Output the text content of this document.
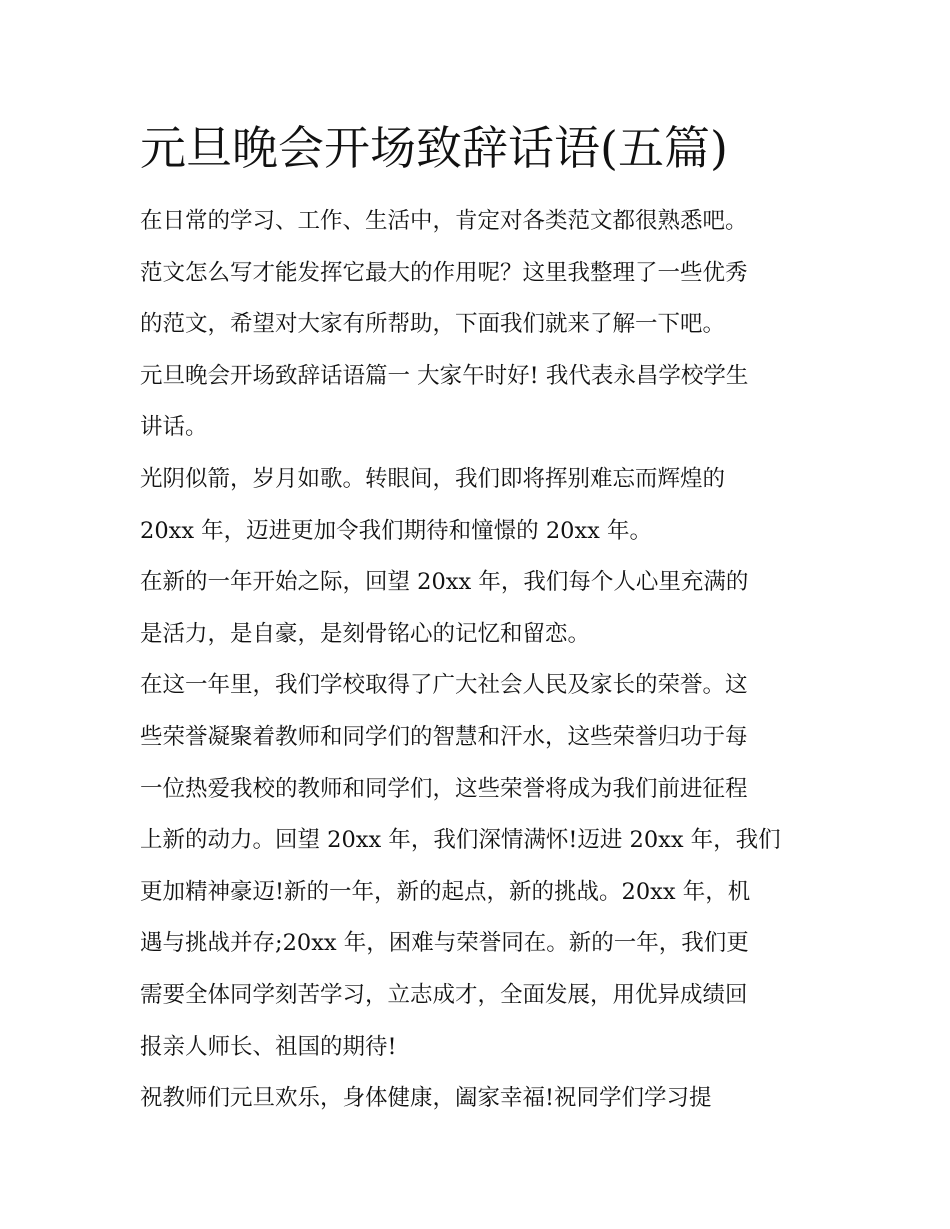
元旦晚会开场致辞话语(五篇)

在日常的学习、工作、生活中，肯定对各类范文都很熟悉吧。

范文怎么写才能发挥它最大的作用呢？这里我整理了一些优秀

的范文，希望对大家有所帮助，下面我们就来了解一下吧。

元旦晚会开场致辞话语篇一 大家午时好! 我代表永昌学校学生

讲话。

光阴似箭，岁月如歌。转眼间，我们即将挥别难忘而辉煌的

20xx 年，迈进更加令我们期待和憧憬的 20xx 年。

在新的一年开始之际，回望 20xx 年，我们每个人心里充满的

是活力，是自豪，是刻骨铭心的记忆和留恋。

在这一年里，我们学校取得了广大社会人民及家长的荣誉。这

些荣誉凝聚着教师和同学们的智慧和汗水，这些荣誉归功于每

一位热爱我校的教师和同学们，这些荣誉将成为我们前进征程

上新的动力。回望 20xx 年，我们深情满怀!迈进 20xx 年，我们

更加精神豪迈!新的一年，新的起点，新的挑战。20xx 年，机

遇与挑战并存;20xx 年，困难与荣誉同在。新的一年，我们更

需要全体同学刻苦学习，立志成才，全面发展，用优异成绩回

报亲人师长、祖国的期待!

祝教师们元旦欢乐，身体健康，阖家幸福!祝同学们学习提
